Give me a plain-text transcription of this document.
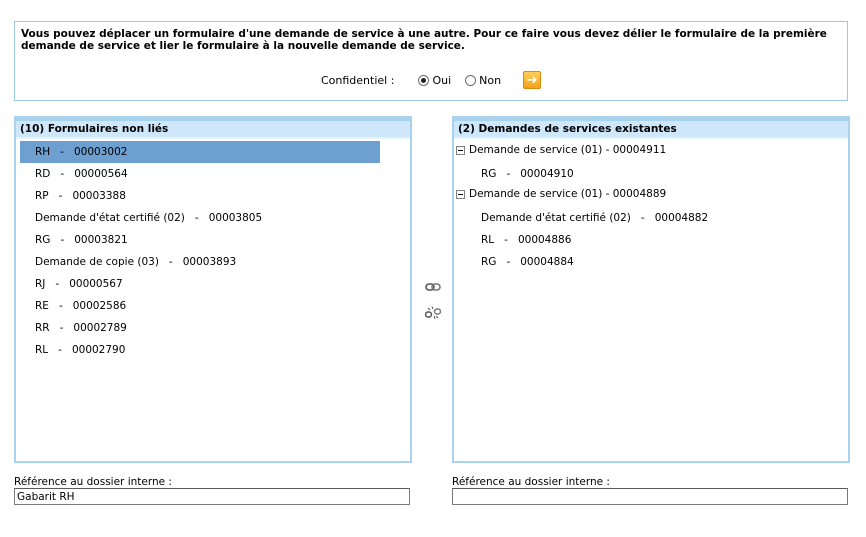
Vous pouvez déplacer un formulaire d'une demande de service à une autre. Pour ce faire vous devez délier le formulaire de la première demande de service et lier le formulaire à la nouvelle demande de service.
Confidentiel :	Oui	Non ➔
(10) Formulaires non liés
RH   -   00003002
RD   -   00000564
RP   -   00003388
Demande d'état certifié (02)   -   00003805
RG   -   00003821
Demande de copie (03)   -   00003893
RJ   -   00000567
RE   -   00002586
RR   -   00002789
RL   -   00002790
(2) Demandes de services existantes
Demande de service (01) - 00004911
RG   -   00004910
Demande de service (01) - 00004889
Demande d'état certifié (02)   -   00004882
RL   -   00004886
RG   -   00004884
Référence au dossier interne :
Gabarit RH	Référence au dossier interne :
